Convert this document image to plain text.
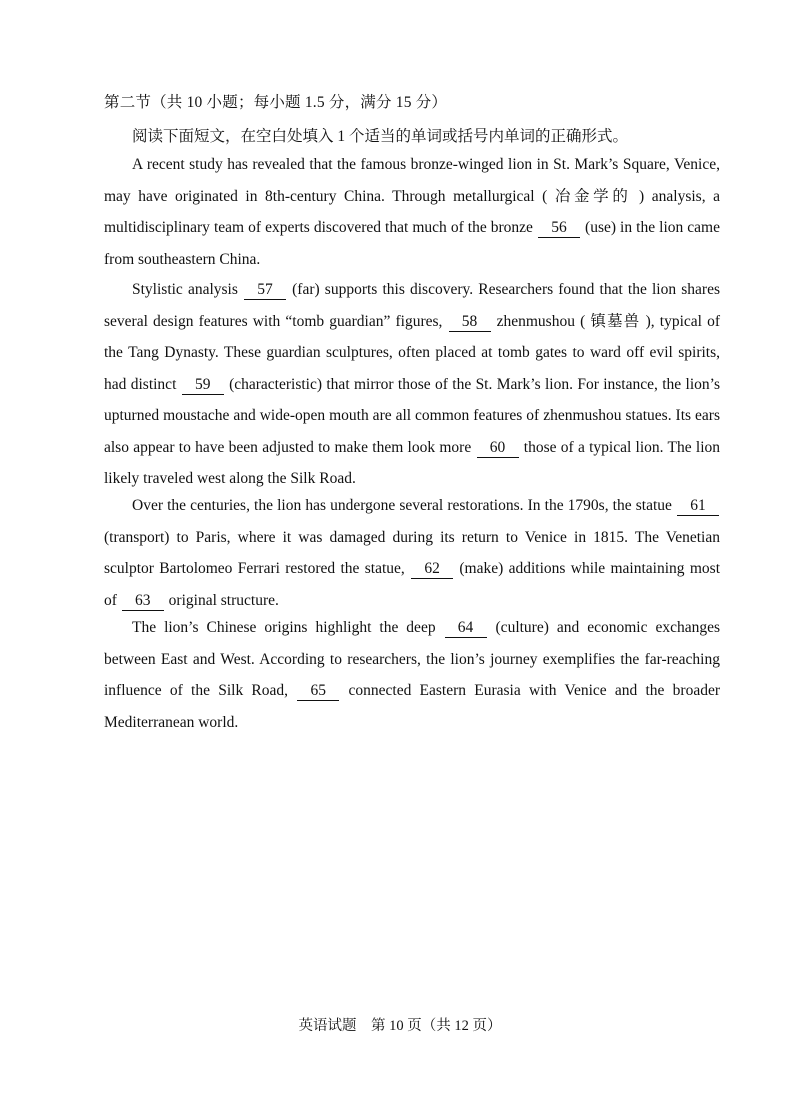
第二节（共 10 小题；每小题 1.5 分，满分 15 分）
阅读下面短文，在空白处填入 1 个适当的单词或括号内单词的正确形式。

A recent study has revealed that the famous bronze-winged lion in St. Mark’s Square, Venice, may have originated in 8th-century China. Through metallurgical ( 冶金学的 ) analysis, a multidisciplinary team of experts discovered that much of the bronze 56 (use) in the lion came from southeastern China.

Stylistic analysis 57 (far) supports this discovery. Researchers found that the lion shares several design features with “tomb guardian” figures, 58 zhenmushou ( 镇墓兽 ), typical of the Tang Dynasty. These guardian sculptures, often placed at tomb gates to ward off evil spirits, had distinct 59 (characteristic) that mirror those of the St. Mark’s lion. For instance, the lion’s upturned moustache and wide-open mouth are all common features of zhenmushou statues. Its ears also appear to have been adjusted to make them look more 60 those of a typical lion. The lion likely traveled west along the Silk Road.

Over the centuries, the lion has undergone several restorations. In the 1790s, the statue 61 (transport) to Paris, where it was damaged during its return to Venice in 1815. The Venetian sculptor Bartolomeo Ferrari restored the statue, 62 (make) additions while maintaining most of 63 original structure.

The lion’s Chinese origins highlight the deep 64 (culture) and economic exchanges between East and West. According to researchers, the lion’s journey exemplifies the far-reaching influence of the Silk Road, 65 connected Eastern Eurasia with Venice and the broader Mediterranean world.

英语试题　第 10 页（共 12 页）
